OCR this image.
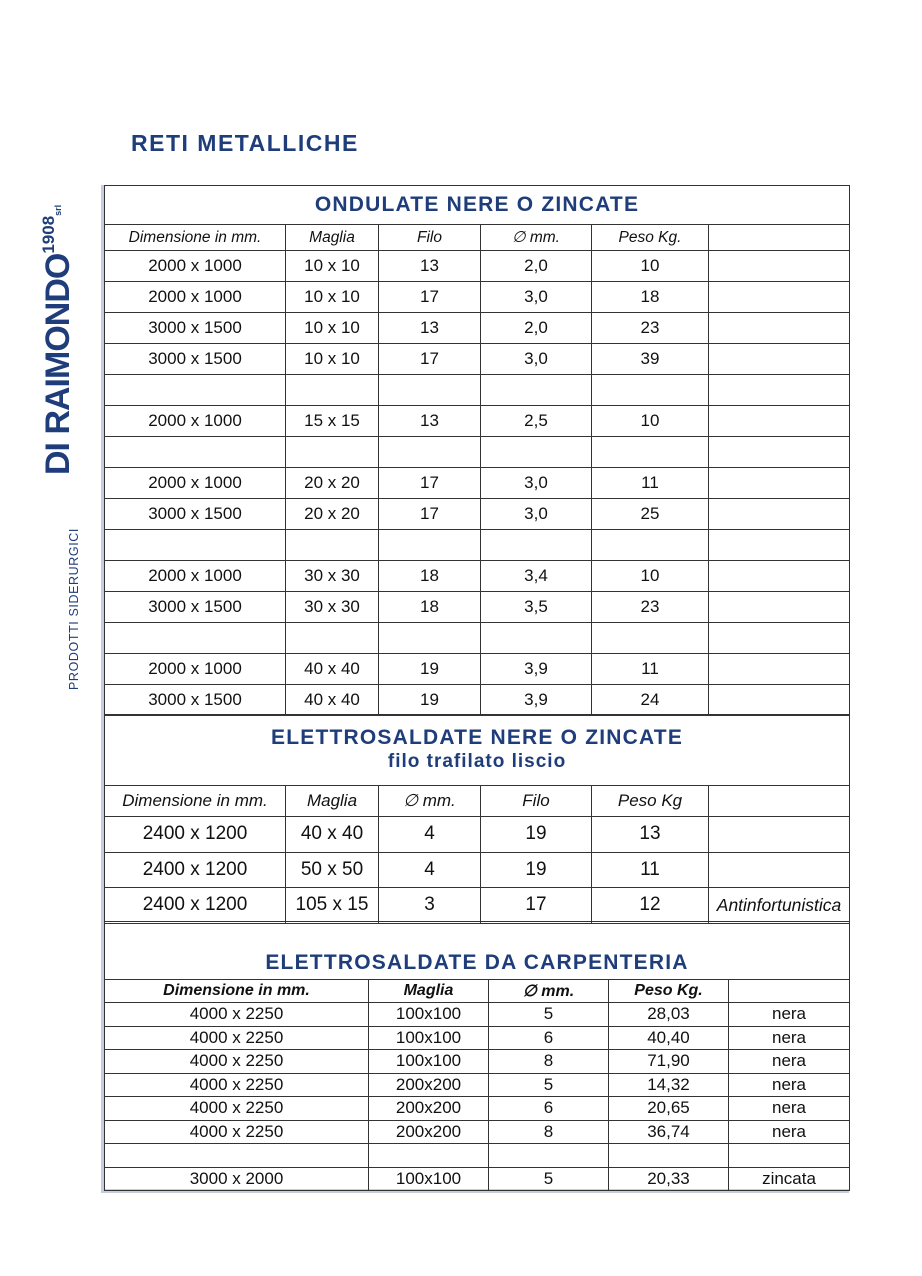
RETI METALLICHE
DI $RAIMONDO^{1908srl}$
PRODOTTI SIDERURGICI
ONDULATE NERE O ZINCATE					
Dimensione in mm.	Maglia	Filo	∅ mm.	Peso Kg.	
2000 x 1000	10 x 10	13	2,0	10	
2000 x 1000	10 x 10	17	3,0	18	
3000 x 1500	10 x 10	13	2,0	23	
3000 x 1500	10 x 10	17	3,0	39	

2000 x 1000	15 x 15	13	2,5	10	

2000 x 1000	20 x 20	17	3,0	11	
3000 x 1500	20 x 20	17	3,0	25	

2000 x 1000	30 x 30	18	3,4	10	
3000 x 1500	30 x 30	18	3,5	23	

2000 x 1000	40 x 40	19	3,9	11	
3000 x 1500	40 x 40	19	3,9	24	
ELETTROSALDATE NERE O ZINCATE
filo trafilato liscio					

Dimensione in mm.	Maglia	∅ mm.	Filo	Peso Kg	
2400 x 1200	40 x 40	4	19	13	
2400 x 1200	50 x 50	4	19	11	
2400 x 1200	105 x 15	3	17	12	Antinfortunistica
ELETTROSALDATE DA CARPENTERIA				
Dimensione in mm.	Maglia	∅ mm.	Peso Kg.	
4000 x 2250	100x100	5	28,03	nera
4000 x 2250	100x100	6	40,40	nera
4000 x 2250	100x100	8	71,90	nera
4000 x 2250	200x200	5	14,32	nera
4000 x 2250	200x200	6	20,65	nera
4000 x 2250	200x200	8	36,74	nera

3000 x 2000	100x100	5	20,33	zincata
